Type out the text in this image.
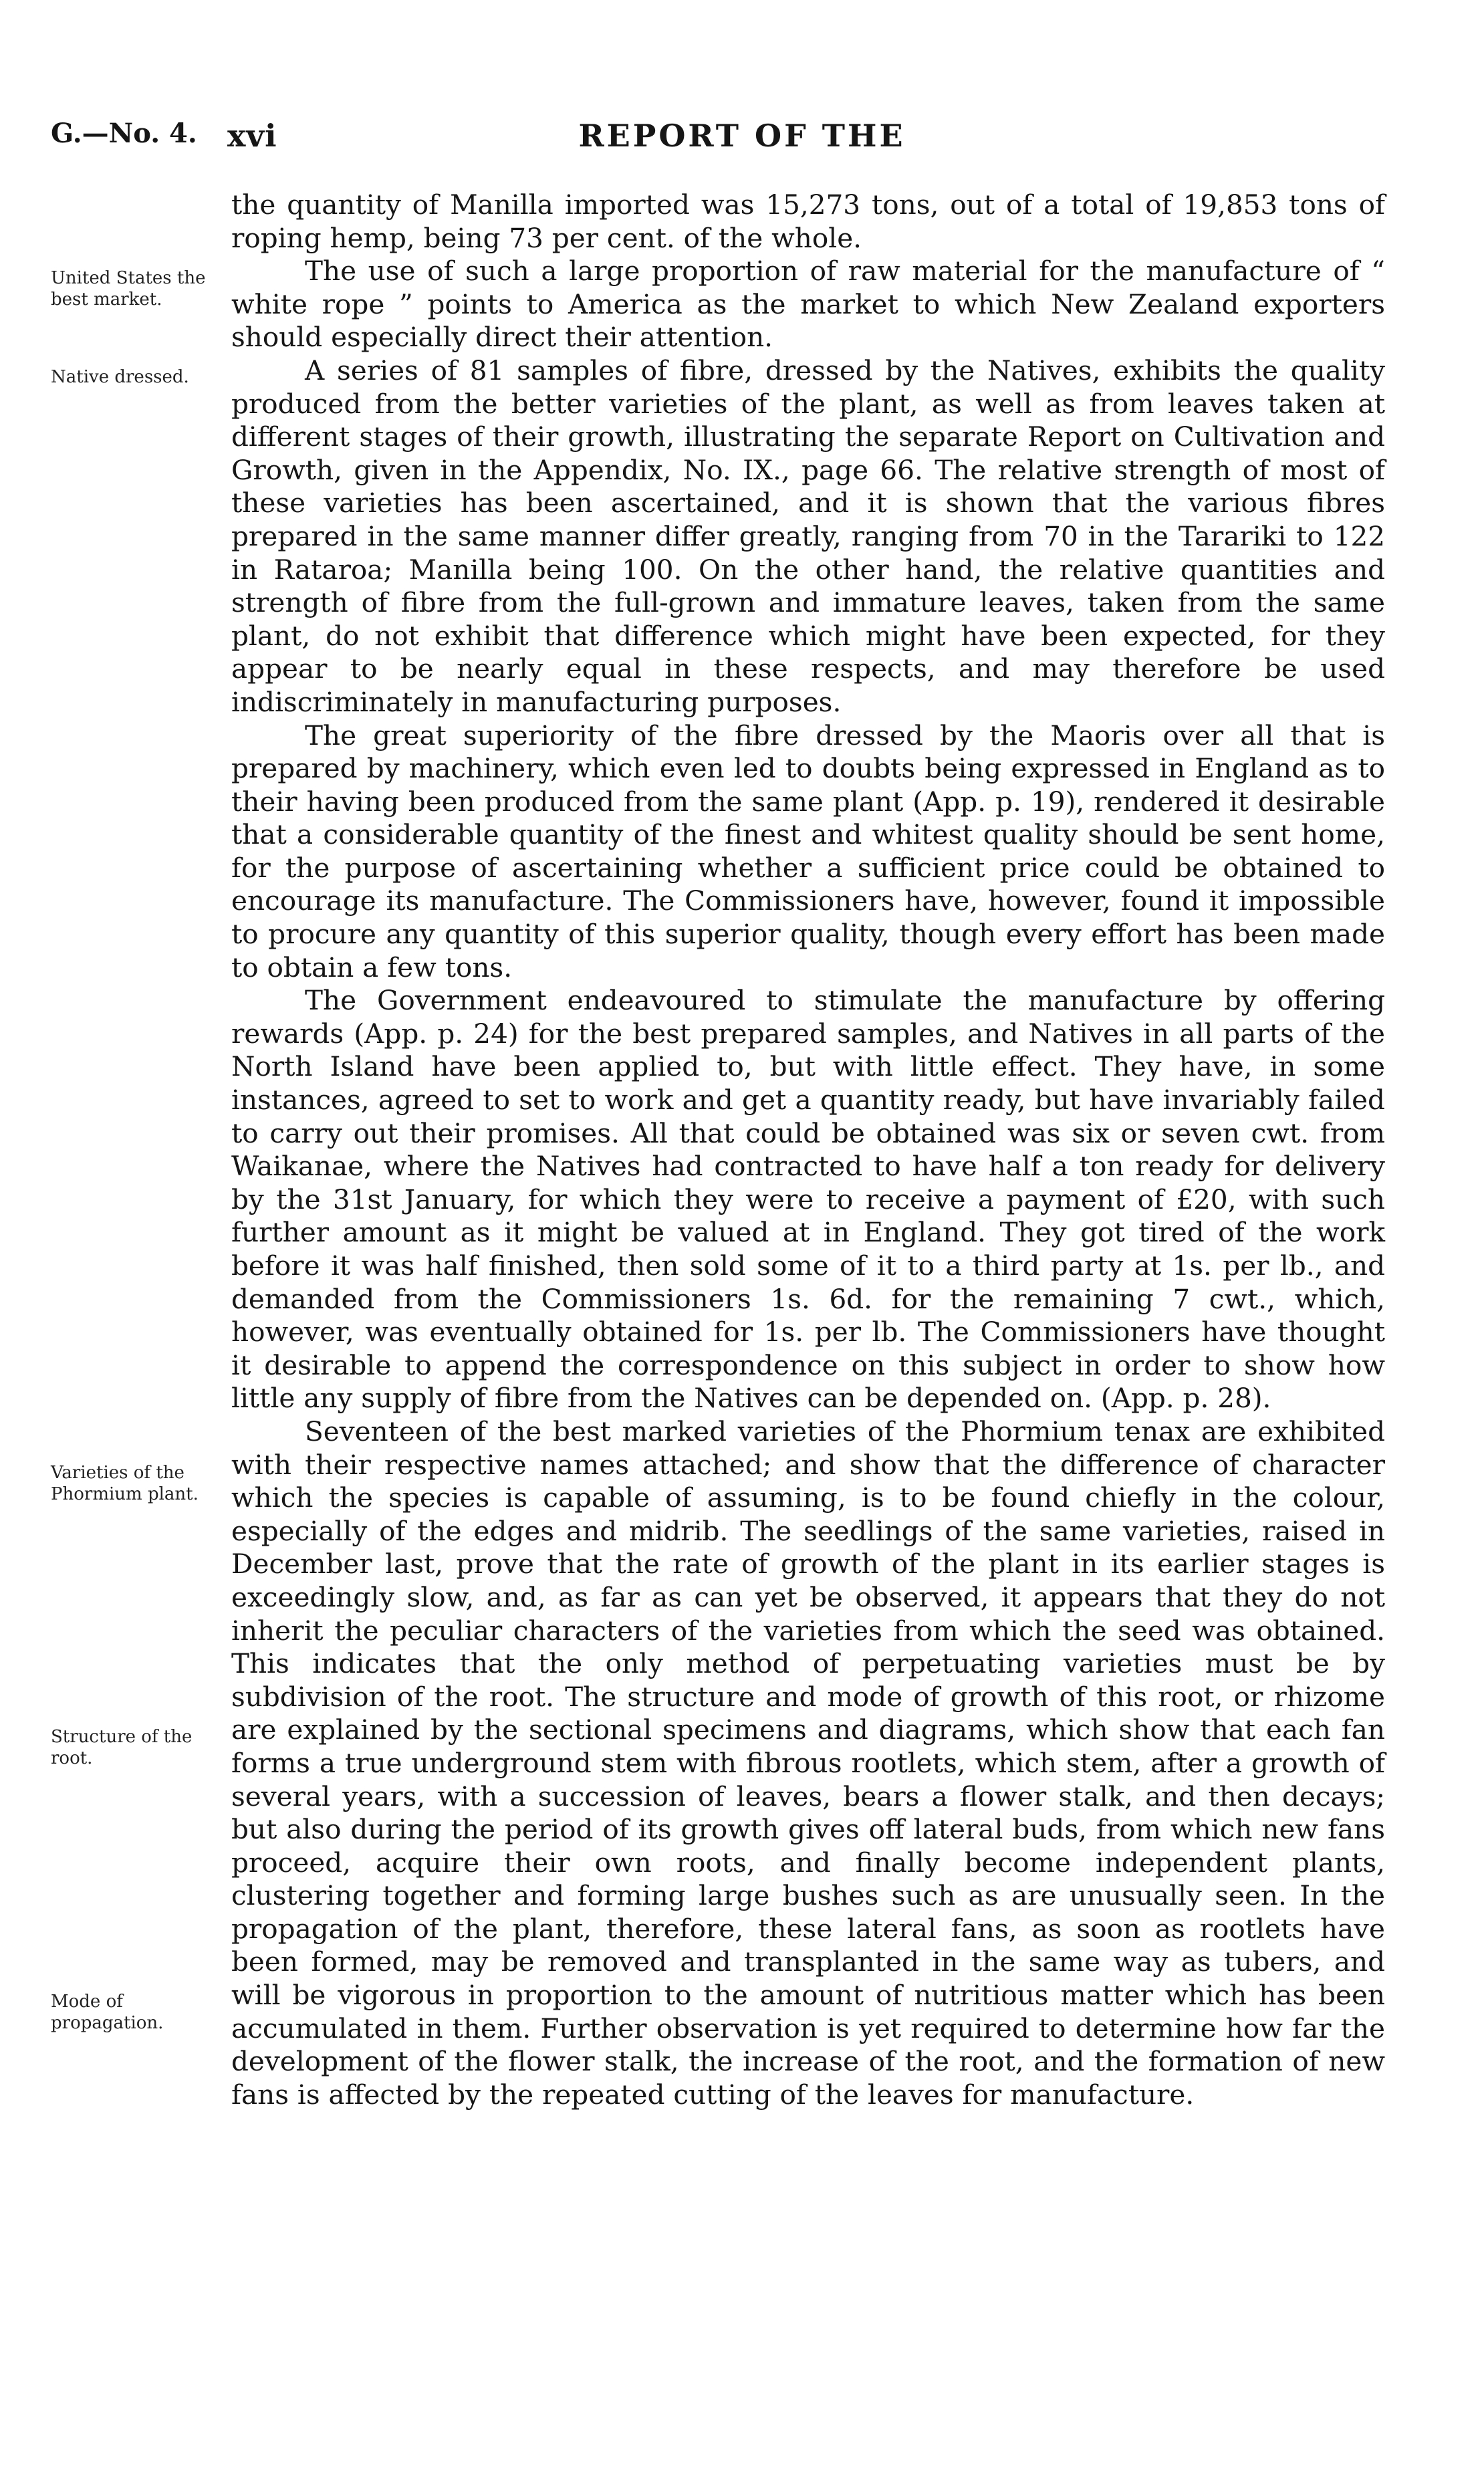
G.—No. 4. xvi	REPORT OF THE
United States the best market.
Native dressed.
Varieties of the Phormium plant.
Structure of the root.
Mode of propagation.

the quantity of Manilla imported was 15,273 tons, out of a total of 19,853 tons of roping hemp, being 73 per cent. of the whole.

The use of such a large proportion of raw material for the manufacture of “ white rope ” points to America as the market to which New Zealand exporters should especially direct their attention.

A series of 81 samples of fibre, dressed by the Natives, exhibits the quality produced from the better varieties of the plant, as well as from leaves taken at different stages of their growth, illustrating the separate Report on Cultivation and Growth, given in the Appendix, No. IX., page 66. The relative strength of most of these varieties has been ascertained, and it is shown that the various fibres prepared in the same manner differ greatly, ranging from 70 in the Tarariki to 122 in Rataroa; Manilla being 100. On the other hand, the relative quantities and strength of fibre from the full-grown and immature leaves, taken from the same plant, do not exhibit that difference which might have been expected, for they appear to be nearly equal in these respects, and may therefore be used indiscriminately in manufacturing purposes.

The great superiority of the fibre dressed by the Maoris over all that is prepared by machinery, which even led to doubts being expressed in England as to their having been produced from the same plant (App. p. 19), rendered it desirable that a considerable quantity of the finest and whitest quality should be sent home, for the purpose of ascertaining whether a sufficient price could be obtained to encourage its manufacture. The Commissioners have, however, found it impossible to procure any quantity of this superior quality, though every effort has been made to obtain a few tons.

The Government endeavoured to stimulate the manufacture by offering rewards (App. p. 24) for the best prepared samples, and Natives in all parts of the North Island have been applied to, but with little effect. They have, in some instances, agreed to set to work and get a quantity ready, but have invariably failed to carry out their promises. All that could be obtained was six or seven cwt. from Waikanae, where the Natives had contracted to have half a ton ready for delivery by the 31st January, for which they were to receive a payment of £20, with such further amount as it might be valued at in England. They got tired of the work before it was half finished, then sold some of it to a third party at 1s. per lb., and demanded from the Commissioners 1s. 6d. for the remaining 7 cwt., which, however, was eventually obtained for 1s. per lb. The Commissioners have thought it desirable to append the correspondence on this subject in order to show how little any supply of fibre from the Natives can be depended on. (App. p. 28).

Seventeen of the best marked varieties of the Phormium tenax are exhibited with their respective names attached; and show that the difference of character which the species is capable of assuming, is to be found chiefly in the colour, especially of the edges and midrib. The seedlings of the same varieties, raised in December last, prove that the rate of growth of the plant in its earlier stages is exceedingly slow, and, as far as can yet be observed, it appears that they do not inherit the peculiar characters of the varieties from which the seed was obtained. This indicates that the only method of perpetuating varieties must be by subdivision of the root. The structure and mode of growth of this root, or rhizome are explained by the sectional specimens and diagrams, which show that each fan forms a true underground stem with fibrous rootlets, which stem, after a growth of several years, with a succession of leaves, bears a flower stalk, and then decays; but also during the period of its growth gives off lateral buds, from which new fans proceed, acquire their own roots, and finally become independent plants, clustering together and forming large bushes such as are unusually seen. In the propagation of the plant, therefore, these lateral fans, as soon as rootlets have been formed, may be removed and transplanted in the same way as tubers, and will be vigorous in proportion to the amount of nutritious matter which has been accumulated in them. Further observation is yet required to determine how far the development of the flower stalk, the increase of the root, and the formation of new fans is affected by the repeated cutting of the leaves for manufacture.
